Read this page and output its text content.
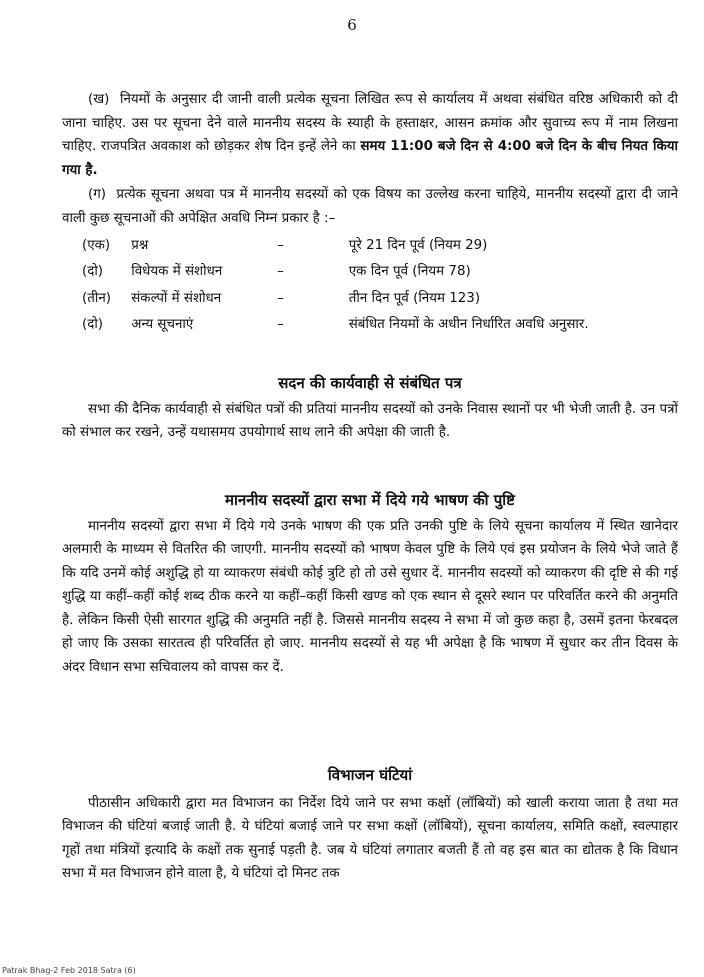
6

(ख) नियमों के अनुसार दी जानी वाली प्रत्येक सूचना लिखित रूप से कार्यालय में अथवा संबंधित वरिष्ठ अधिकारी को दी जाना चाहिए. उस पर सूचना देने वाले माननीय सदस्य के स्याही के हस्ताक्षर, आसन क्रमांक और सुवाच्य रूप में नाम लिखना चाहिए. राजपत्रित अवकाश को छोड़कर शेष दिन इन्हें लेने का समय 11:00 बजे दिन से 4:00 बजे दिन के बीच नियत किया गया है.

(ग) प्रत्येक सूचना अथवा पत्र में माननीय सदस्यों को एक विषय का उल्लेख करना चाहिये, माननीय सदस्यों द्वारा दी जाने वाली कुछ सूचनाओं की अपेक्षित अवधि निम्न प्रकार है :–

(एक)	प्रश्न	–	पूरे 21 दिन पूर्व (नियम 29)
(दो)	विधेयक में संशोधन	–	एक दिन पूर्व (नियम 78)
(तीन)	संकल्पों में संशोधन	–	तीन दिन पूर्व (नियम 123)
(दो)	अन्य सूचनाएं	–	संबंधित नियमों के अधीन निर्धारित अवधि अनुसार.
सदन की कार्यवाही से संबंधित पत्र

सभा की दैनिक कार्यवाही से संबंधित पत्रों की प्रतियां माननीय सदस्यों को उनके निवास स्थानों पर भी भेजी जाती है. उन पत्रों को संभाल कर रखने, उन्हें यथासमय उपयोगार्थ साथ लाने की अपेक्षा की जाती है.

माननीय सदस्यों द्वारा सभा में दिये गये भाषण की पुष्टि

माननीय सदस्यों द्वारा सभा में दिये गये उनके भाषण की एक प्रति उनकी पुष्टि के लिये सूचना कार्यालय में स्थित खानेदार अलमारी के माध्यम से वितरित की जाएगी. माननीय सदस्यों को भाषण केवल पुष्टि के लिये एवं इस प्रयोजन के लिये भेजे जाते हैं कि यदि उनमें कोई अशुद्धि हो या व्याकरण संबंधी कोई त्रुटि हो तो उसे सुधार दें. माननीय सदस्यों को व्याकरण की दृष्टि से की गई शुद्धि या कहीं–कहीं कोई शब्द ठीक करने या कहीं–कहीं किसी खण्ड को एक स्थान से दूसरे स्थान पर परिवर्तित करने की अनुमति है. लेकिन किसी ऐसी सारगत शुद्धि की अनुमति नहीं है. जिससे माननीय सदस्य ने सभा में जो कुछ कहा है, उसमें इतना फेरबदल हो जाए कि उसका सारतत्व ही परिवर्तित हो जाए. माननीय सदस्यों से यह भी अपेक्षा है कि भाषण में सुधार कर तीन दिवस के अंदर विधान सभा सचिवालय को वापस कर दें.

विभाजन घंटियां

पीठासीन अधिकारी द्वारा मत विभाजन का निर्देश दिये जाने पर सभा कक्षों (लॉबियों) को खाली कराया जाता है तथा मत विभाजन की घंटियां बजाई जाती है. ये घंटियां बजाई जाने पर सभा कक्षों (लॉबियों), सूचना कार्यालय, समिति कक्षों, स्वल्पाहार गृहों तथा मंत्रियों इत्यादि के कक्षों तक सुनाई पड़ती है. जब ये घंटियां लगातार बजती हैं तो वह इस बात का द्योतक है कि विधान सभा में मत विभाजन होने वाला है, ये घंटियां दो मिनट तक

Patrak Bhag-2 Feb 2018 Satra (6)
